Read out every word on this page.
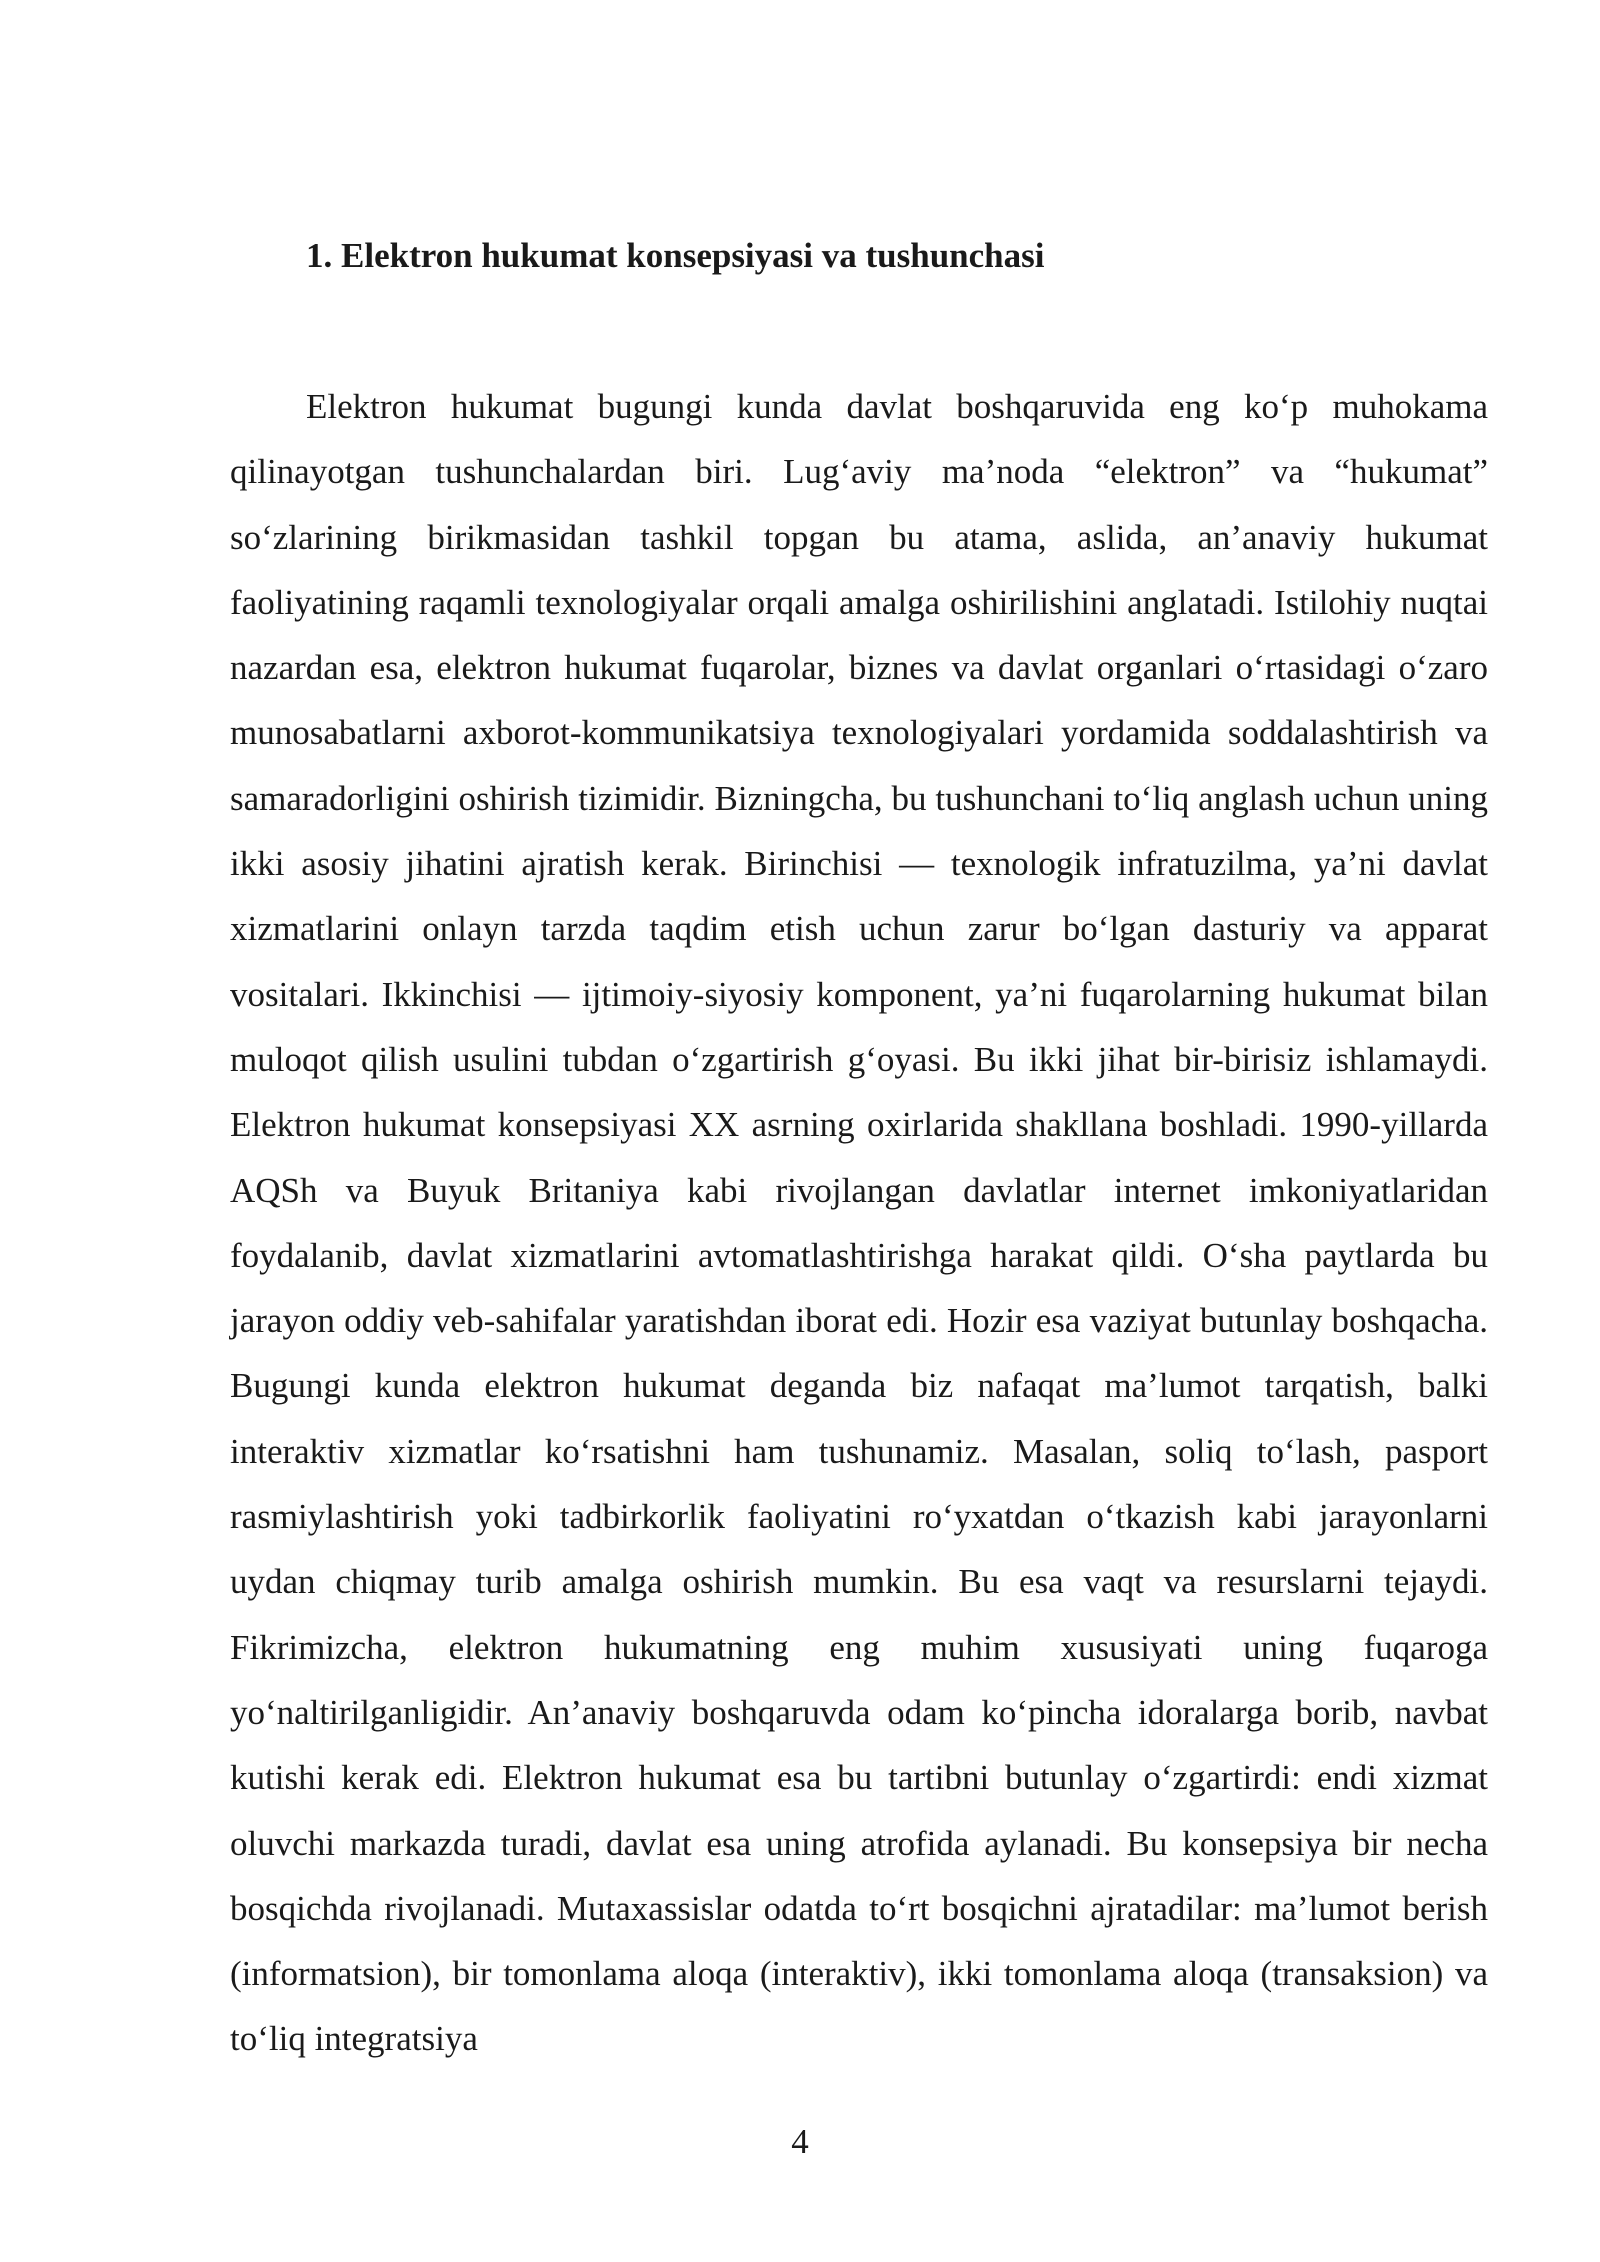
1. Elektron hukumat konsepsiyasi va tushunchasi

Elektron hukumat bugungi kunda davlat boshqaruvida eng ko‘p muhokama qilinayotgan tushunchalardan biri. Lug‘aviy ma’noda “elektron” va “hukumat” so‘zlarining birikmasidan tashkil topgan bu atama, aslida, an’anaviy hukumat faoliyatining raqamli texnologiyalar orqali amalga oshirilishini anglatadi. Istilohiy nuqtai nazardan esa, elektron hukumat fuqarolar, biznes va davlat organlari o‘rtasidagi o‘zaro munosabatlarni axborot-kommunikatsiya texnologiyalari yordamida soddalashtirish va samaradorligini oshirish tizimidir. Bizningcha, bu tushunchani to‘liq anglash uchun uning ikki asosiy jihatini ajratish kerak. Birinchisi — texnologik infratuzilma, ya’ni davlat xizmatlarini onlayn tarzda taqdim etish uchun zarur bo‘lgan dasturiy va apparat vositalari. Ikkinchisi — ijtimoiy-siyosiy komponent, ya’ni fuqarolarning hukumat bilan muloqot qilish usulini tubdan o‘zgartirish g‘oyasi. Bu ikki jihat bir-birisiz ishlamaydi. Elektron hukumat konsepsiyasi XX asrning oxirlarida shakllana boshladi. 1990-yillarda AQSh va Buyuk Britaniya kabi rivojlangan davlatlar internet imkoniyatlaridan foydalanib, davlat xizmatlarini avtomatlashtirishga harakat qildi. O‘sha paytlarda bu jarayon oddiy veb-sahifalar yaratishdan iborat edi. Hozir esa vaziyat butunlay boshqacha. Bugungi kunda elektron hukumat deganda biz nafaqat ma’lumot tarqatish, balki interaktiv xizmatlar ko‘rsatishni ham tushunamiz. Masalan, soliq to‘lash, pasport rasmiylashtirish yoki tadbirkorlik faoliyatini ro‘yxatdan o‘tkazish kabi jarayonlarni uydan chiqmay turib amalga oshirish mumkin. Bu esa vaqt va resurslarni tejaydi. Fikrimizcha, elektron hukumatning eng muhim xususiyati uning fuqaroga yo‘naltirilganligidir. An’anaviy boshqaruvda odam ko‘pincha idoralarga borib, navbat kutishi kerak edi. Elektron hukumat esa bu tartibni butunlay o‘zgartirdi: endi xizmat oluvchi markazda turadi, davlat esa uning atrofida aylanadi. Bu konsepsiya bir necha bosqichda rivojlanadi. Mutaxassislar odatda to‘rt bosqichni ajratadilar: ma’lumot berish (informatsion), bir tomonlama aloqa (interaktiv), ikki tomonlama aloqa (transaksion) va to‘liq integratsiya

4
